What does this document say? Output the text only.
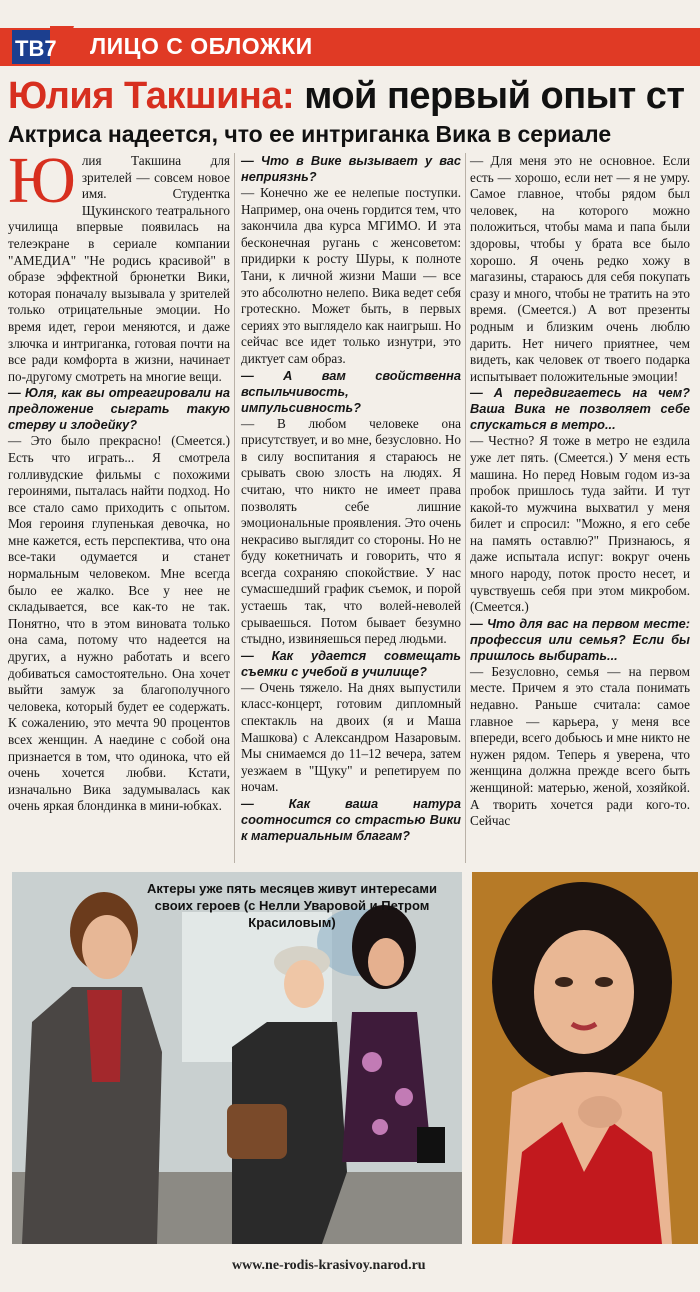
ТВ7 ЛИЦО С ОБЛОЖКИ
Юлия Такшина: мой первый опыт ст
Актриса надеется, что ее интриганка Вика в сериале
Ю лия Такшина для зрителей — совсем новое имя. Студентка Щукинского театрального училища впервые появилась на телеэкране в сериале компании "АМЕДИА" "Не родись красивой" в образе эффектной брюнетки Вики, которая поначалу вызывала у зрителей только отрицательные эмоции. Но время идет, герои меняются, и даже злючка и интриганка, готовая почти на все ради комфорта в жизни, начинает по-другому смотреть на многие вещи.

— Юля, как вы отреагировали на предложение сыграть такую стерву и злодейку?

— Это было прекрасно! (Смеется.) Есть что играть... Я смотрела голливудские фильмы с похожими героинями, пыталась найти подход. Но все стало само приходить с опытом. Моя героиня глупенькая девочка, но мне кажется, есть перспектива, что она все-таки одумается и станет нормальным человеком. Мне всегда было ее жалко. Все у нее не складывается, все как-то не так. Понятно, что в этом виновата только она сама, потому что надеется на других, а нужно работать и всего добиваться самостоятельно. Она хочет выйти замуж за благополучного человека, который будет ее содержать. К сожалению, это мечта 90 процентов всех женщин. А наедине с собой она признается в том, что одинока, что ей очень хочется любви. Кстати, изначально Вика задумывалась как очень яркая блондинка в мини-юбках.

— Что в Вике вызывает у вас неприязнь?

— Конечно же ее нелепые поступки. Например, она очень гордится тем, что закончила два курса МГИМО. И эта бесконечная ругань с женсоветом: придирки к росту Шуры, к полноте Тани, к личной жизни Маши — все это абсолютно нелепо. Вика ведет себя гротескно. Может быть, в первых сериях это выглядело как наигрыш. Но сейчас все идет только изнутри, это диктует сам образ.

— А вам свойственна вспыльчивость, импульсивность?

— В любом человеке она присутствует, и во мне, безусловно. Но в силу воспитания я стараюсь не срывать свою злость на людях. Я считаю, что никто не имеет права позволять себе лишние эмоциональные проявления. Это очень некрасиво выглядит со стороны. Но не буду кокетничать и говорить, что я всегда сохраняю спокойствие. У нас сумасшедший график съемок, и порой устаешь так, что волей-неволей срываешься. Потом бывает безумно стыдно, извиняешься перед людьми.

— Как удается совмещать съемки с учебой в училище?

— Очень тяжело. На днях выпустили класс-концерт, готовим дипломный спектакль на двоих (я и Маша Машкова) с Александром Назаровым. Мы снимаемся до 11–12 вечера, затем уезжаем в "Щуку" и репетируем по ночам.

— Как ваша натура соотносится со страстью Вики к материальным благам?

— Для меня это не основное. Если есть — хорошо, если нет — я не умру. Самое главное, чтобы рядом был человек, на которого можно положиться, чтобы мама и папа были здоровы, чтобы у брата все было хорошо. Я очень редко хожу в магазины, стараюсь для себя покупать сразу и много, чтобы не тратить на это время. (Смеется.) А вот презенты родным и близким очень люблю дарить. Нет ничего приятнее, чем видеть, как человек от твоего подарка испытывает положительные эмоции!

— А передвигаетесь на чем? Ваша Вика не позволяет себе спускаться в метро...

— Честно? Я тоже в метро не ездила уже лет пять. (Смеется.) У меня есть машина. Но перед Новым годом из-за пробок пришлось туда зайти. И тут какой-то мужчина выхватил у меня билет и спросил: "Можно, я его себе на память оставлю?" Признаюсь, я даже испытала испуг: вокруг очень много народу, поток просто несет, и чувствуешь себя при этом микробом. (Смеется.)

— Что для вас на первом месте: профессия или семья? Если бы пришлось выбирать...

— Безусловно, семья — на первом месте. Причем я это стала понимать недавно. Раньше считала: самое главное — карьера, у меня все впереди, всего добьюсь и мне никто не нужен рядом. Теперь я уверена, что женщина должна прежде всего быть женщиной: матерью, женой, хозяйкой. А творить хочется ради кого-то. Сейчас

Актеры уже пять месяцев живут интересами своих героев (с Нелли Уваровой и Петром Красиловым)
www.ne-rodis-krasivoy.narod.ru
